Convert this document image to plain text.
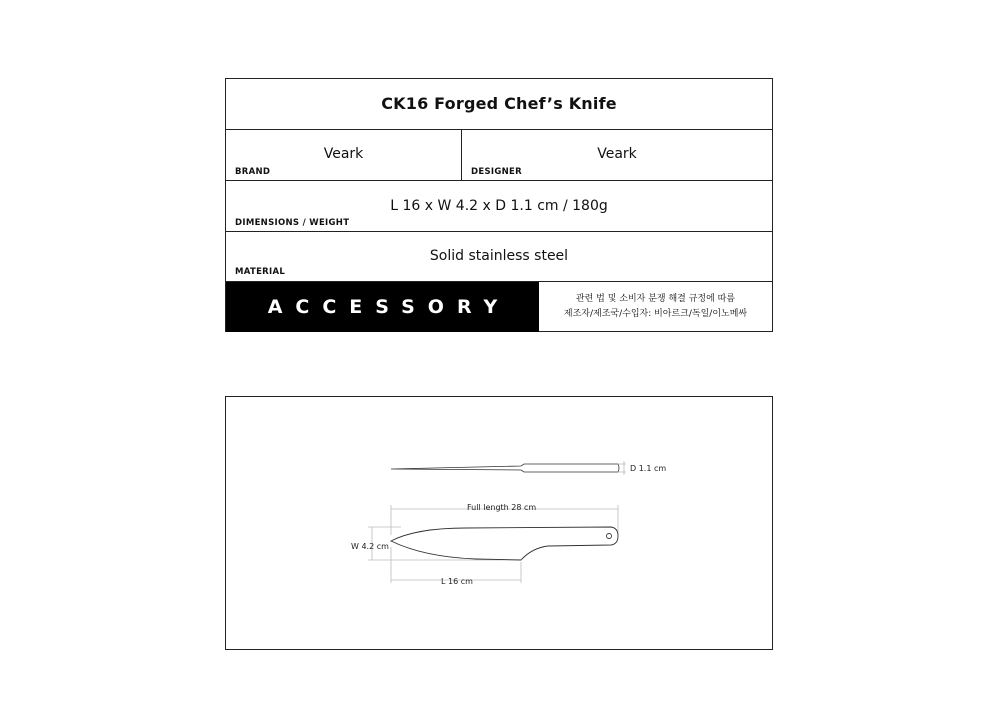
CK16 Forged Chef’s Knife
Veark
BRAND
Veark
DESIGNER
L 16 x W 4.2 x D 1.1 cm / 180g
DIMENSIONS / WEIGHT
Solid stainless steel
MATERIAL
ACCESSORY	관련 법 및 소비자 분쟁 해결 규정에 따름
제조자/제조국/수입자: 비아르크/독일/이노메싸
D 1.1 cm
Full length 28 cm
W 4.2 cm
L 16 cm
